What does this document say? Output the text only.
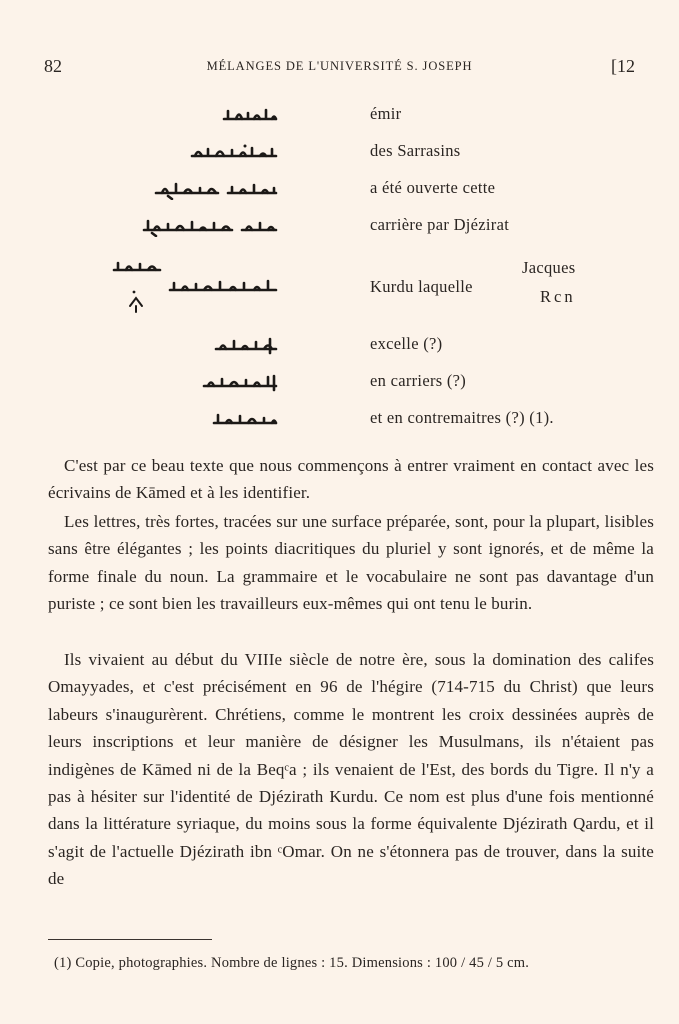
82	MÉLANGES DE L'UNIVERSITÉ S. JOSEPH	[12
émir
des Sarrasins
a été ouverte cette
carrière par Djézirat
Kurdu laquelle
Jacques
Rcn
excelle (?)
en carriers (?)
et en contremaitres (?) (1).

C'est par ce beau texte que nous commençons à entrer vraiment en contact avec les écrivains de Kāmed et à les identifier.

Les lettres, très fortes, tracées sur une surface préparée, sont, pour la plupart, lisibles sans être élégantes ; les points diacritiques du pluriel y sont ignorés, et de même la forme finale du noun. La grammaire et le vocabulaire ne sont pas davantage d'un puriste ; ce sont bien les travailleurs eux-mêmes qui ont tenu le burin.

Ils vivaient au début du VIIIe siècle de notre ère, sous la domination des califes Omayyades, et c'est précisément en 96 de l'hégire (714-715 du Christ) que leurs labeurs s'inaugurèrent. Chrétiens, comme le montrent les croix dessinées auprès de leurs inscriptions et leur manière de désigner les Musulmans, ils n'étaient pas indigènes de Kāmed ni de la Beqᶜa ; ils venaient de l'Est, des bords du Tigre. Il n'y a pas à hésiter sur l'identité de Djézirath Kurdu. Ce nom est plus d'une fois mentionné dans la littérature syriaque, du moins sous la forme équivalente Djézirath Qardu, et il s'agit de l'actuelle Djézirath ibn ᶜOmar. On ne s'étonnera pas de trouver, dans la suite de

(1) Copie, photographies. Nombre de lignes : 15. Dimensions : 100 / 45 / 5 cm.
